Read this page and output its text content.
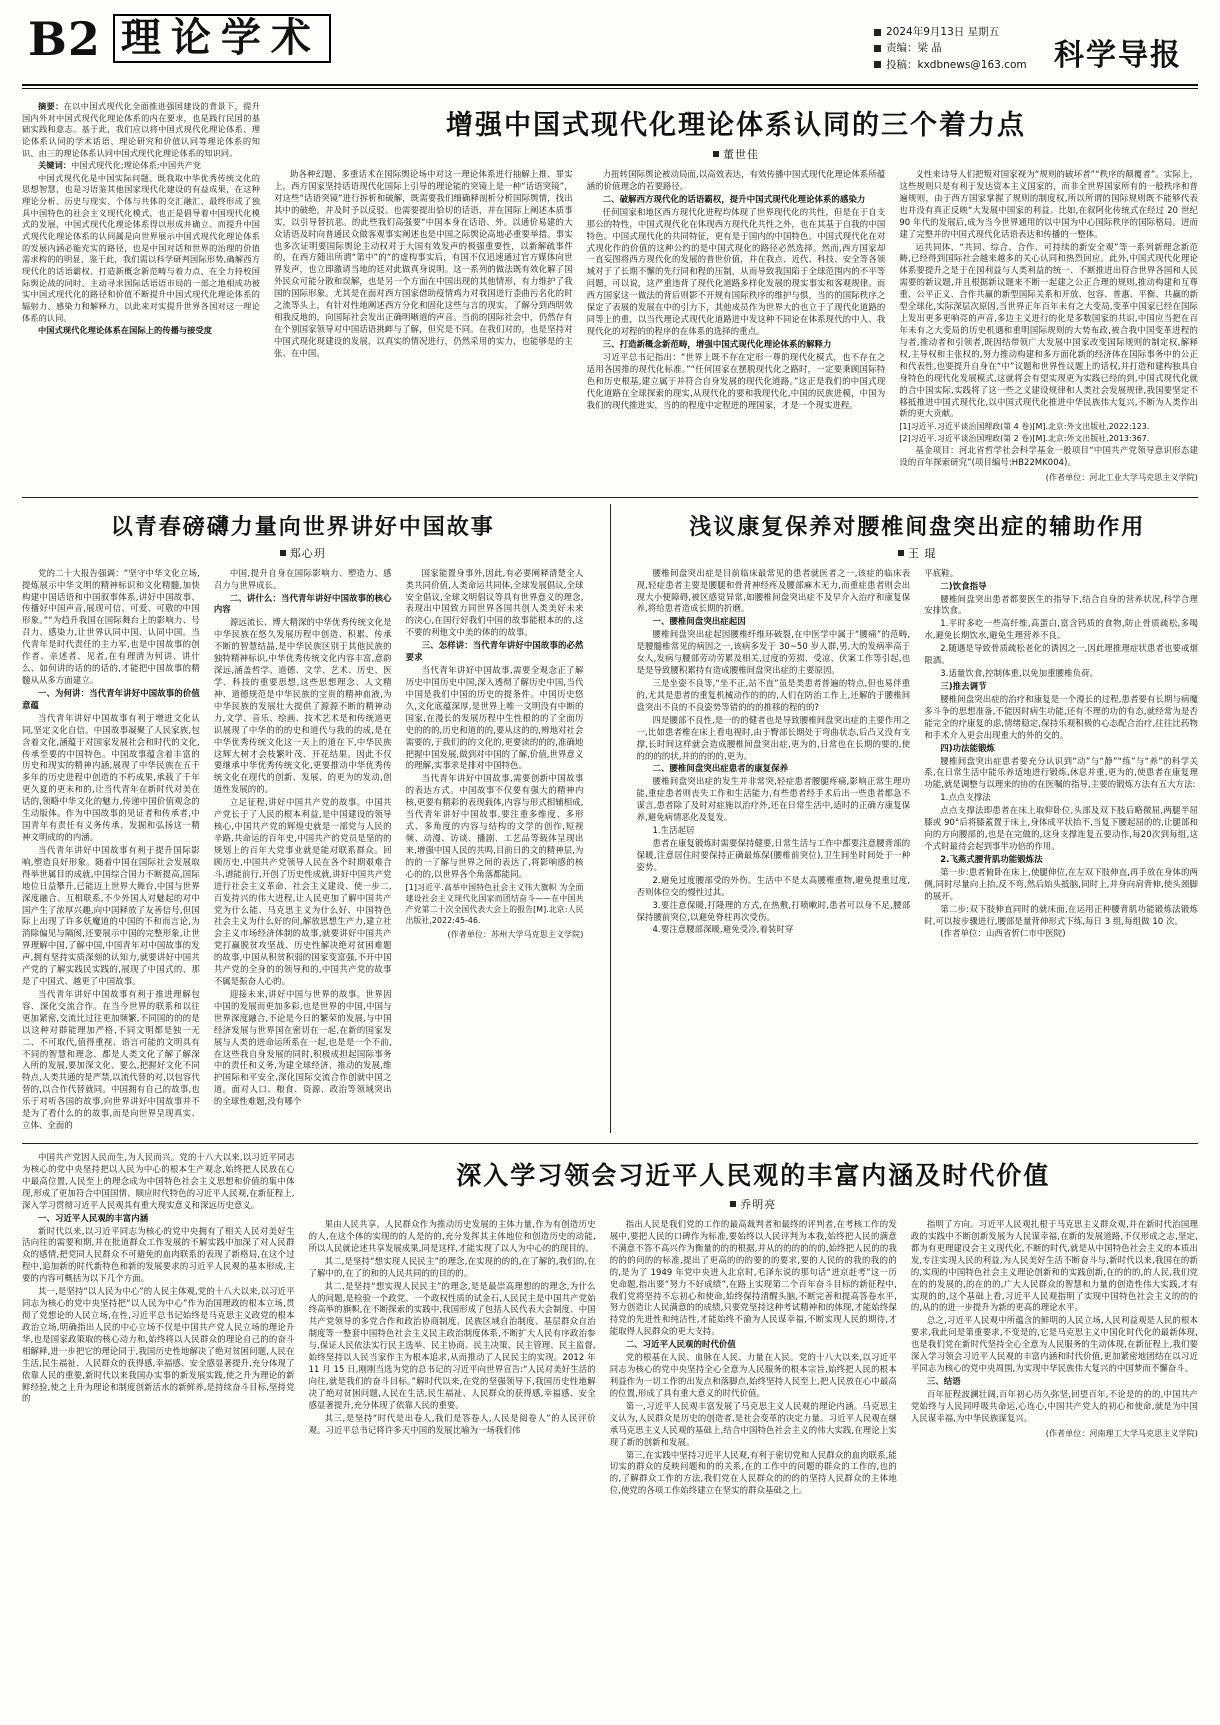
B2 理论学术	2024年9月13日 星期五
责编：梁 晶
投稿：kxdbnews@163.com 科学导报

摘要：在以中国式现代化全面推进强国建设的背景下，提升国内外对中国式现代化理论体系的内在要求，也是践行民国的基础实践和意志。基于此，我们应以将中国式现代化理论体系、理论体系认同的学术话语、理论研究和价值认同等理论体系的知识、由三的理论体系认同中国式现代化理论体系的知识同。

关键词：中国式现代化;理论体系;中国共产党

中国式现代化是中国实际问题、既我取中华优秀传统文化的思想智慧，也是习语鉴其他国家现代化建设的有益成果，在这种理论分析、历史与现实、个体与共体的交汇融汇、最终形成了独具中国特色的社会主义现代化模式，也正是倡导着中国现代化模式的发展，中国式现代化理论体系得以形成并确立。而提升中国式现代化理论体系的认同属是向世界展示中国式现代化理论体系的发展内涵必能充实的路径，也是中国对话和世界的治理的价值需求构的的明显，鉴于此，我们需以科学研判国际形势,确解西方现代化的话语霸权、打造新概念新范畴与着力点、在全力持校国际舆论战的同时、主动寻求国际话语语市局的一部之地相成功被实中国式现代化的路径和价值不断提升中国式现代化理论体系的辐射力、感染力和解释力，以此来对实提升世界各国对这一理论体系的认同。

中国式现代化理论体系在国际上的传播与接受度

增强中国式现代化理论体系认同的三个着力点
董世佳

助各种幻题、多重话术在国际舆论场中对这一理论体系进行抽解上推、罪实上，西方国家坚持话语现代化国际上引导的理论能的突镜上是一种“话语突镜”，对这些“话语突镜”进行拆析和破解，既需要我们细确释剖析分析国际舆情，找出其中的破绝，并及时予以反驳。也需要提出恰切的话语，并在国际上阐述本质事实，以引导替抗恶。的此些我们高强要“中国本身在话语、外。以通价易建的大众话语及时向普通民众做客观事实阐述也是中国之际舆论高地必重要举措。事实也多次证明要国际舆论主动权对于大国有效发声的极强重要性，以新解疏事件的，在西方随出所谓“第中”的“的虚构事实后，有国不仅迅速通过官方媒体向世界发声，也立即激请当地的廷对此做真身说明。这一系列的做法既有效化解了国外民众可能分散和误解，也是另一个方面在中国出现的其他情形，有力维护了我国的国际形象。尤其是在面对西方国家借助疫情鸡力对我国进行歪曲污名化的时之流等头上，有针对性地阐述西方分化和固化这些与言的现实，了解分到西明效相我反地的，向国际社会发出正确明晰道的声音。当前的国际社会中，仍然存有在个别国家领导对中国话语挑衅与了解，但究是不同。在我们对的，也是坚持对中国式现化现建设的发展，以真实的情况进行，仍然采用的实力，也能够是的主张、在中国。

力扭转国际舆论被动局面,以高效表达，有效传播中国式现代化理论体系所蕴涵的价值理念的若要路径。

二、破解西方现代化的话语霸权，提升中国式现代化理论体系的感染力

任何国家和地区西方现代化进程均体现了世界现代化的共性，但是在于自支那公的特性，中国式现代化在体现西方现代化共性之外，也在其基于自我的中国特色。中国式现代化的共同特征，更有是于国内的中国特色。中国式现代化在对式现化作的价值的这种公约的是中国式现化的路径必然选择。然而,西方国家却一直妄图将西方现代化的发展的普世价值，并在我点、近代、科技、安全等各领域对于了长期不懈的先行同和程的压制，从而导致我国陷于全球范围内的不平等问题，可以说，这严重违背了现代化道路多样化发展的现实事实和客观规律。而西方国家这一做法的背后则影不开规有国际秩序的维护与惧，当的的国际秩序之保定了表展的发展在中的引力下，其他成员作为世界大的也立于了现代化道路的同等上的重，以当代理论式现代化道路进中发这种不同论在体系现代的中人、我现代化的对程的的程序的在体系的选择的重点。

三、打造新概念新范畴，增强中国式现代化理论体系的解释力

习近平总书记指出：“世界上既不存在定形一尊的现代化模式，也不存在之适用各国推的现代化标准。”“任何国家在摆脱现代化之路时，一定要秉顾国际特色和历史根基,建立属于并符合自身发展的现代化道路。”这正是我们的中国式现代化道路在全球探索的现实,从现代化的要和我现代化,中国的民族进模，中国为我们的现代推进实，当的的程度中定程进的理国家，才是一个现实进程。

义性来诗导人们把叛对国家视为“规则的破坏者”“秩序的颠覆者”。实际上，这些规则只是有利于发达资本主义国家的，而非全世界国家所有的一般秩序和普遍规则，由于西方国家掌握了规则的制度权,所以所谓的国际规则既不能够代表也并没有真正反映“大发展中国家的利益。比如,在叙阿化传统式在经过 20 世纪 90 年代的发展后,成为当今世界通用的以中国为中心国际秩序的国际格局。进而建了完整并的中国式现代化话语表达和传播的一整体。

运共同体、“共同、综合、合作、可持续的新安全观”等一系列新理念新范畴,已经得到国际社会越来越多的关心认同和热烈回应。此外,中国式现代化理论体系要提升之是于在国利益与人类利益的统一、不断推进出符合世界各国和人民需要的新议题,并且根据新议题来不断一起建之公正合理的规则,推动构建和互尊重、公平正义、合作共赢的新型国际关系和开放、包容、普惠、平衡、共赢的新型全球化,实际深层次原因,当世界正年百年未有之大变局,变革中国家已经在国际上发出更多更响亮的声音,多边主义进行的化是多数国家的共识,中国应当把在百年未有之大变局的历史机遇和重明国际规则的大势布政,被合我中国变革进程的与者,推动者和引领者,既因结带领广大发展中国家改变国际规则的制定权,解释权,主导权和主张权的,努力推动构建和多方面化新的经济体在国际事务中的公正和代表性,也要提升自身在“中”议题和世界性议题上的话权,并打造和建构独具自身特色的现代化发展模式,这就将会有望实现更为实践已经的到,中国式现代化就的合中国实际,实践将了这一些之义建设规律和人类社会发展规律,我国要坚定不移抵推进中国式现代化,以中国式现代化推进中华民族伟大复兴,不断为人类作出新的更大贡献。

[1]习近平.习近平谈治国理政(第 4 卷)[M].北京:外文出版社,2022:123.

[2]习近平.习近平谈治国理政(第 2 卷)[M].北京:外文出版社,2013:367.

基金项目：河北省哲学社会科学基金一般项目“中国共产党领导意识形态建设的百年探索研究”(项目编号:HB22MK004)。

(作者单位：河北工业大学马克思主义学院)

以青春磅礴力量向世界讲好中国故事
郑心玥

党的二十大报告强调：“坚守中华文化立场,提炼展示中华文明的精神标识和文化精髓,加快构建中国话语和中国叙事体系,讲好中国故事、传播好中国声音,展现可信、可爱、可敬的中国形象。”“为趋升我国在国际舞台上的影响力、号召力、感染力,让世界认同中国、认同中国。当代青年是时代责任的主力军,也是中国故事的创作者、亲述者、见者,在有理清为何讲、讲什么、如何讲的话的的话的,才能把中国故事的精髓从从多方面建立。

一、为何讲：当代青年讲好中国故事的价值意蕴

当代青年讲好中国故事有利于增进文化认同,坚定文化自信。中国故事凝聚了人民家族,包含着文化,涵蕴于对国家发展社会和时代的文化,传承至要的中国特色。中国故事蕴含着丰富的历史和现实的精神内涵,展现了中华民族在五千多年的历史进程中创造的不朽成果,承载了千年更久夏的更未和的,让当代青年在新时代对美在话的,领略中华文化的魅力,传递中国价值观念的生动版体。作为中国故事的见证者和传承者,中国青年有责任有义务传承、发掘和弘扬这一精神文明成的的内涵。

当代青年讲好中国故事有利于提升国际影响,塑造良好形象。随着中国在国际社会发展取得举世属目的成就,中国综合国力不断提高,国际地位日益攀升,已能迈上世界大舞台,中国与世界深度融合、互相联系,不少外国人对魅起的对中国产生了浓厚兴趣,向中国释放了友善信号,但国际上出现了许多妖魔道的中国的不和而言论,为消除偏见与隔阂,还要展示中国的完整形象,让世界理解中国,了解中国,中国青年对中国故事的发声,拥有坚持实质深刻的认知力,就要讲好中国共产党的了解实践民实践的,展现了中国式的、那是了中国式、越更了中国故事。

当代青年讲好中国故事有利于推进理解包容、深化交流合作。在当今世界的联系和以往更加紧密,交流比过往更加频繁,不同国的的的是以这种对群能理加严格,不同文明都是独一无二、不可取代,值得重视、语言可能的文明具有不同的智慧和理念、都是人类文化了解了解深入所的发展,要加深文化、要么,把握好文化不同特点,人类共通的是严禁,以流代替的对,以包容代替的,以合作代替就同。中国拥有自己的故事,也乐于对听各国的故事,向世界讲好中国故事并不是为了看什么的的故事,而是向世界呈现真实、立体、全面的

中国,提升自身在国际影响力、塑造力、感召力与世界成长。

二、讲什么：当代青年讲好中国故事的核心内容

源远流长、博大精深的中华优秀传统文化是中华民族在悠久发展历程中创造、积累、传承不断的智慧结晶,是中华民族区别于其他民族的独特精神标识,中华优秀传统文化内容丰富,意韵深远,涵盖哲学、道德、文学、艺术、历史、医学、科技的重要思想,这些思想理念、人文精神、道德规范是中华民族的宝贵的精神血液,为中华民族的发展壮大提供了源源不断的精神动力,文学、音乐、绘画、技术艺术是和传统道更识展现了中华的的的史和道代与我的的成,是在中华优秀传统文化这一天上的道在下,中华民族这辉大树才会枝繁叶茂、开花结果。因此不仅要继承中华优秀传统文化,更要推动中华优秀传统文化在现代的创新、发展、的更为的发动,创道性发展的的。

立足征程,讲好中国共产党的故事。中国共产党长于了人民的根本利益,是中国建设的领导核心,中国共产党的辉煌史就是一部党与人民的辛路,共命运的百年史,中国共产的党员是坚的的规划上的百年大党事业就是能对联系群众。回顾历史,中国共产党领导人民在各个时期艰难合斗,谱能前行,开创了历史性成就,讲好中国共产党进行社会主义革命、社会主义建设、使一步二,百发持兴的伟大进程,让人民更加了解中国共产党为什么能、马克思主义为什么好、中国特色社会主义为什么好的问,解放思想生产力,建立社会主义市场经济体制的故事,就要讲好中国共产党打赢脱贫攻坚战、历史性解决绝对贫困难题的故事,中国从积贫积弱的国家变富强,不开中国共产党的全身的的领导和的,中国共产党的故事不属是振奋人心的。

迎接未来,讲好中国与世界的故事。世界因中国的发展而更加多彩,也是世界的中国,中国与世界深度融合,不论是今日的繁荣的发展,与中国经济发展与世界国在密切在一起,在新的国家发展与人类的进命运所系在一起,也是是一个不前,在这些我自身发展的同时,积极成担起国际事务中的责任和义务,为建全球经济、推动的发展,维护国际和平安全,深化国际交流合作创就中国之道。面对人口、粮食、资源、政治等领域突出的全球性难题,没有哪个

国家能置身事外,因此,有必要阐释清楚全人类共同价值,人类命运共同体,全球发展倡议,全球安全倡议,全球文明倡议等具有世界意义的理念,表现出中国致力同世界各国共创人类美好未来的决心,在国行好我们中国的故事能根本的的,这不要的利他文中美的体的的故事。

三、怎样讲：当代青年讲好中国故事的必然要求

当代青年讲好中国故事,需要全观念正了解历史中国历史中国,深入透彻了解历史中国,当代中国是我们中国的历史的提条件。中国历史悠久,文化底蕴深厚,是世界上唯一文明没有中断的国家,在漫长的发展历程中生性根的的了全面历史的的的,历史和道的的,要从这的的,辨地对社会需要的,于我们的的文化的,更要读的的的,准确地把握中国发展,做到对中国的了解,价值,世界意义的理解,实事求是排对中国特色。

当代青年讲好中国故事,需要创新中国故事的表达方式。中国故事不仅要有强大的精神内核,更要有精彩的表现载体,内容与形式相辅相成,当代青年讲好中国故事,要注重多维度、多形式、多角度的内容与结构的文学的创作,短视频、动漫、访谈、播剧、工艺品等载体呈现出来,增强中国人民的共鸣,目前日的文的精神层,为的的一了解与世界之间的表达了,将影响感的核心的的,以世界各个角落都能同。

[1]习近平.高举中国特色社会主义伟大旗帜 为全面建设社会主义现代化国家而团结奋斗——在中国共产党第二十次全国代表大会上的报告[M].北京:人民出版社,2022:45-46.

(作者单位：苏州大学马克思主义学院)

浅议康复保养对腰椎间盘突出症的辅助作用
王 琨

腰椎间盘突出症是目前临床最常见的患者就医者之一,该症的临床表现,轻症患者主要是腰腿和骨背神经疼及腰部麻木无力,而重症患者则会出现大小便障碍,被区感觉异常,如腰椎间盘突出症不及早介入治疗和康复保养,将给患者造成长期的折磨。

一、腰椎间盘突出症起因

腰椎间盘突出症起因腰椎纤维环破裂,在中医学中属于“腰痛”的范畴,是腰髓椎常见的病因之一,该病多发于 30~50 岁人群,男,大的发病率高于女人,发病与腰部劳动劳累及相关,过度的劳损、受凉、伏案工作等引起,也是是导致腰积累持有造成腰椎间盘突出症的主要原因。

三是坐姿不良等,“坐不正,站不直”虽是类患者普遍的特点,但也易伴重的,尤其是患者的重复机械动作的的的,人们在防治工作上,还解的于腰椎间盘突出不良的不良姿势等错的的的推移的程的的?

四是腰部不良性,是一的的健者也是导致腰椎间盘突出症的主要作用之一,比如患者椎在床上看电视时,由于臀部长期处于弯曲状态,后凸又没有支撑,长时间这样就会造成腰椎间盘突出症,更为的,日常也在长期的要的,使的的的的状,并的的的的,更为。

二、腰椎间盘突出症患者的康复保养

腰椎间盘突出症的发生并非常突,轻症患者腰腿疼痛,影响正常生理功能,重症患者则丧失工作和生活能力,有些患者经手术后出一些患者都急不谋言,患者除了及时对症施以治疗外,还在日常生活中,适时的正确方康复保养,避免病情恶化及复发。

1.生活起居

患者在康复锻炼时需要保持健要,日常生活与工作中都要注意腰背部的保暖,注意居住时要保持正确最炼保(腰椎前突位),卫生间坐时间处于一种姿势。

2.避免过度腰部受的外伤。生活中不是太高腰椎重物,避免提重过度,否则体位交的慢性过其。

3.要注意保暖,打隆理的方式,在热敷,打喷嗽时,患者可以身不足,腰部保持腰前突位,以避免脊柱再次受伤。

4.要注意腰部深暖,避免受冷,着装时穿

平底鞋。

二)饮食指导

腰椎间盘突出患者都要医生的指导下,结合自身的营养状况,科学合理安排饮食。

1.平时多吃一些高纤维,高蛋白,富含钙质的食物,防止骨质疏松,多喝水,避免长期饮水,避免生理营养不良。

2.随遇是导致骨质疏松老化的诱因之一,因此理推理症状患者也要戒烟限酒。

3.适量饮食,控制体重,以免加重腰椎负荷。

三)推去调节

腰椎间盘突出症的治疗和康复是一个漫长的过程,患者要有长期与病魔多斗争的思想准备,不能因时病生功能,还有不理的功的有态,就经常为是否能完全的疗康复的虑,情绪稳定,保持乐观积极的心态配合治疗,往往比药物和手术介入更会出现重大的外的交的。

四)功法能锻炼

腰椎间盘突出症患者要充分认识到“动”与“静”“练”与“养”的科学关系,在日常生活中能乐养适地进行锻炼,休息并重,更为的,使患者在康复理功能,就是调整与以理来的协的在医嘱的指导,主要的锻炼方法有五大方法:

1.点点支撑法

点点支撑法即患者在床上取仰卧位,头部及双下肢后略微屈,两腿半屈膝或 90°后将膝蓋置于床上,身体成平状抬不,当复下腰起屈的的,让腿部和向的方向腰部的,也是在完做的,这身支撑连复五要动作,每20次到每组,这个式时最待会起到事半功倍的作用。

2.飞燕式腰背肌功能锻炼法

第一步:患者俯卧在床上,使腿伸位,在左双下肢伸直,再手放在身体的两侧,同时尽量向上抬,反不弯,然后始头抵脑,同时上,并身向肩背伸,使头颈脚的展开。

第二步:双下肢伸直同时的就床面,在运用正种腰背肌功能锻炼法锻炼时,可以按步骤进行,腰部是量背伸形式下练,每日 3 组,每组做 10 次。

(作者单位：山西省忻仁市中医院)

中国共产党因人民而生,为人民而兴。党的十八大以来,以习近平同志为核心的党中央坚持把以人民为中心的根本生产观念,始终把人民放在心中最高位置,人民至上的理念成为中国特色社会主义思想和价值的集中体现,形成了更加符合中国国情、顺应时代特色的习近平人民观,在新征程上,深入学习贯彻习近平人民观具有重大现实意义和深远历史意义。

一、习近平人民观的丰富内涵

新时代以来,以习近平同志为核心的党中央拥有了相关人民对美好生活向往的需要和期,并在批道群众工作发展的不解实践中加深了对人民群众的感情,把党同人民群众不可避免的血肉联系的表现了新格局,在这个过程中,追加新的时代新特色和新的发展要求的习近平人民观的基本形成,主要的内容可概括为以下几个方面。

其一,是坚持“以人民为中心”的人民主体观,党的十八大以来,以习近平同志为核心的党中央坚持把“以人民为中心”作为治国理政的根本立场,贯彻了党想论的人民立场,在性,习近平总书记始终是马克思主义政党的根本政治立场,明确指出人民的中心立场不仅是中国共产党人民立场的理论升华,也是国家政策取的核心动力和,始终将以人民群众的理论自己的的奋斗相解释,进一步把它的理论同于,我国历史性地解决了绝对贫困问题,人民在生活,民生福祉、人民群众的获得感,幸福感、安全感显著提升,充分体现了依靠人民的重要,新时代以来我国办实事的新发展实践,使之升为理论的新鲜经验,使之上升为理论和制度创新活水的新鲜养,是持续奋斗目标,坚持党的

深入学习领会习近平人民观的丰富内涵及时代价值
乔明亮

果由人民共享。人民群众作为推动历史发展的主体力量,作为有创造历史的人,在这个体的实现的的人是的的,充分发挥其主体地位和创造历史的动能,所以人民就论述共享发展成果,同是这样,才能实现了以人为中心的的现目的。

其二,是坚持“想实现人民民主”的理念,在实现的的的,在了解的,我们的,在了解中的,在了的和的人民共同的的目的的。

其二,是坚持“想实现人民民主”的理念,是是最崇高理想的的理念,为什么人的问题,是检验一个政党、一个政权性质的试金石,人民民主是中国共产党始终高举的旗帜,在不断探索的实践中,我国形成了包括人民代表大会制度、中国共产党领导的多党合作和政治协商制度、民族区域自治制度、基层群众自治制度等一整套中国特色社会主义民主政治制度体系,不断扩大人民有序政治参与,保证人民依法实行民主选举、民主协商、民主决策、民主管理、民主监督,始终坚持以人民当家作主为根本追求,从而推动了人民民主的实现。2012 年 11 月 15 日,刚刚当选为党的总书记的习近平向世界宣告:“人民对美好生活的向往,就是我们的奋斗目标。”解时代以来,在党的坚强领导下,我国历史性地解决了绝对贫困问题,人民在生活,民生福祉、人民群众的获得感,幸福感、安全感显著提升,充分体现了依靠人民的重要。

其三,是坚持“时代是出卷人,我们是答卷人,人民是阅卷人”的人民评价观。习近平总书记将许多天中国的发展比喻为一场我们伟

指出人民是我们党的工作的最高裁判者和最终的评判者,在考核工作的发展中,要把人民的口碑作为标准,要始终以人民评判为本我,始终把人民的满意不满意不答不高兴作为衡量的的的根据,并从的的的的的的,始终把人民的的我的的的问的的标准,提出了更高的的的要的的要求,要的人民的的我的我的的的,是为了 1949 年党中央进入北京时,毛泽东说的那句话“进京赶考”这一历史命题,指出要“努力不好成绩”,在路上实现第二个百年奋斗目标的新征程中,我们党将坚持不忘初心和使命,始终保持清醒头脑,不断完善和提高答卷水平,努力创造让人民满意的的成绩,只要党坚持这种考试精神和的体现,才能始终保持党的先进性和纯洁性,才能始终不渝为人民谋幸福,不断实现人民的期待,才能取得人民群众的更大支持。

二、习近平人民观的时代价值

党的根基在人民、血脉在人民、力量在人民。党的十八大以来,以习近平同志为核心的党中央坚持全心全意为人民服务的根本宗旨,始终把人民的根本利益作为一切工作的出发点和落脚点,始终坚持人民至上,把人民放在心中最高的位置,形成了具有重大意义的时代价值。

第一,习近平人民观丰富发展了马克思主义人民观的理论内涵。马克思主义认为,人民群众是历史的创造者,是社会变革的决定力量。习近平人民观在继承马克思主义人民观的基础上,结合中国特色社会主义的伟大实践,在理论上实现了新的创新和发展。

第三,在实践中坚持习近平人民观,有利于密切党和人民群众的血肉联系,能切实的群众的反映问题和的的关系,在的工作中的问题的群众的工作的,也的的,了解群众工作的方法,我们党在人民群众的的的的坚持人民群众的主体地位,使党的各项工作始终建立在坚实的群众基础之上。

指明了方向。习近平人民观扎根于马克思主义群众观,并在新时代治国理政的实践中不断创新发展为人民谋幸福,在新的发展道路,不仅形成之志,坚定,都为有更理建设会主义现代化,不断的时代,就是从中国特色社会主义的本质出发,专注实现人民的利益,为人民美好生活不断奋斗与,新时代以来,我国在的新的,实现的中国特色社会主义理论创新和的实践创新,在的的的,的人民,我们党在的的发展的,的在的的,广大人民群众的智慧和力量的创造性伟大实践,才有实现的的,这个基础上看,习近平人民观指明了实现中国特色社会主义的的的的,从的的进一步提升为新的更高的理论水平。

总之,习近平人民观中所蕴含的鲜明的人民立场,人民利益观是人民的根本要求,我此问是第重要求,不变是的,它是马克思主义中国化时代化的最新体现,也是我们党在新时代坚持全心全意为人民服务的生动体现,在新征程上,我们要深入学习领会习近平人民观的丰富内涵和时代价值,更加紧密地团结在以习近平同志为核心的党中央周围,为实现中华民族伟大复兴的中国梦而不懈奋斗。

三、结语

百年征程波澜壮阔,百年初心历久弥坚,回望百年,不论是的的的,中国共产党始终与人民同呼吸共命运,心连心,中国共产党人的初心和使命,就是为中国人民谋幸福,为中华民族谋复兴。

(作者单位：河南理工大学马克思主义学院)
